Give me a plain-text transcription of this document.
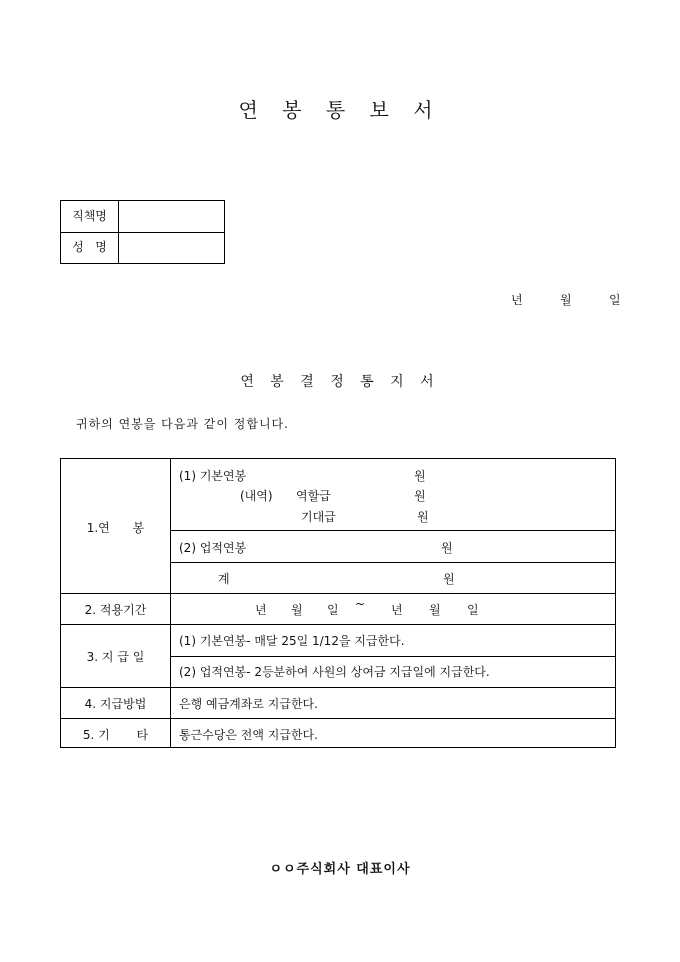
연 봉 통 보 서
직책명
성   명
년	월	일
연 봉 결 정 통 지 서
귀하의 연봉을 다음과 같이 정합니다.
1.연      봉
(1) 기본연봉	원
(내역) 역할급	원
기대급	원
(2) 업적연봉	원
계	원
2. 적용기간	년 월 일 ~ 년 월 일
3. 지 급 일
(1) 기본연봉- 매달 25일 1/12을 지급한다.
(2) 업적연봉- 2등분하여 사원의 상여금 지급일에 지급한다.
4. 지급방법	은행 예금계좌로 지급한다.
5. 기       타	통근수당은 전액 지급한다.
ㅇㅇ주식회사 대표이사
